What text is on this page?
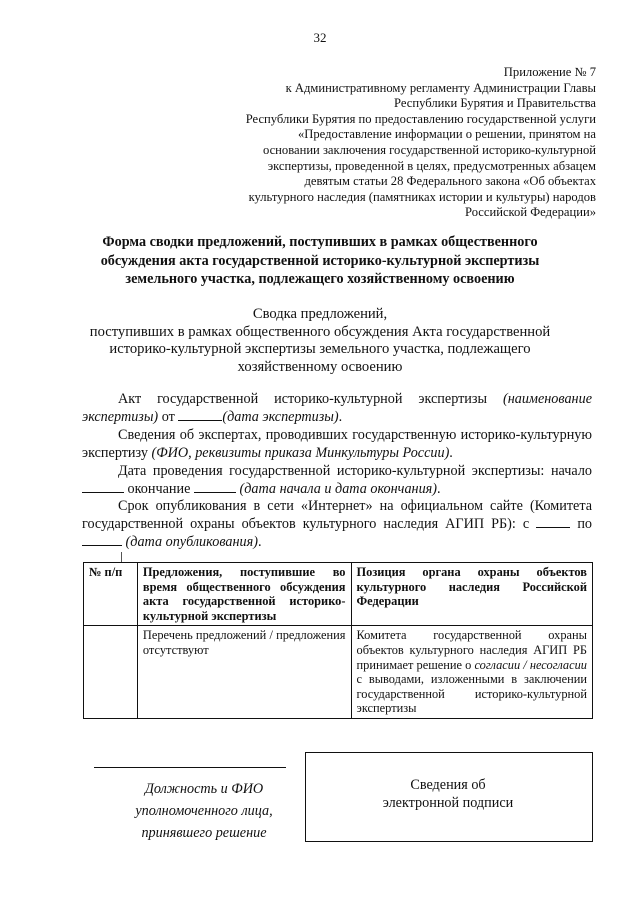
32
Приложение № 7
к Административному регламенту Администрации Главы
Республики Бурятия и Правительства
Республики Бурятия по предоставлению государственной услуги
«Предоставление информации о решении, принятом на
основании заключения государственной историко-культурной
экспертизы, проведенной в целях, предусмотренных абзацем
девятым статьи 28 Федерального закона «Об объектах
культурного наследия (памятниках истории и культуры) народов
Российской Федерации»
Форма сводки предложений, поступивших в рамках общественного
обсуждения акта государственной историко-культурной экспертизы
земельного участка, подлежащего хозяйственному освоению
Сводка предложений,
поступивших в рамках общественного обсуждения Акта государственной
историко-культурной экспертизы земельного участка, подлежащего
хозяйственному освоению
Акт государственной историко-культурной экспертизы (наименование экспертизы) от	(дата экспертизы).
Сведения об экспертах, проводивших государственную историко-культурную экспертизу (ФИО, реквизиты приказа Минкультуры России).
Дата проведения государственной историко-культурной экспертизы: начало  окончание	(дата начала и дата окончания).
Срок опубликования в сети «Интернет» на официальном сайте (Комитета государственной охраны объектов культурного наследия АГИП РБ): с	по  (дата опубликования).
№ п/п	Предложения, поступившие во время общественного обсуждения акта государственной историко-культурной экспертизы	Позиция органа охраны объектов культурного наследия Российской Федерации
	Перечень предложений / предложения отсутствуют	Комитета государственной охраны объектов культурного наследия АГИП РБ принимает решение о согласии / несогласии с выводами, изложенными в заключении государственной историко-культурной экспертизы
Должность и ФИО
уполномоченного лица,
принявшего решение
Сведения об
электронной подписи
